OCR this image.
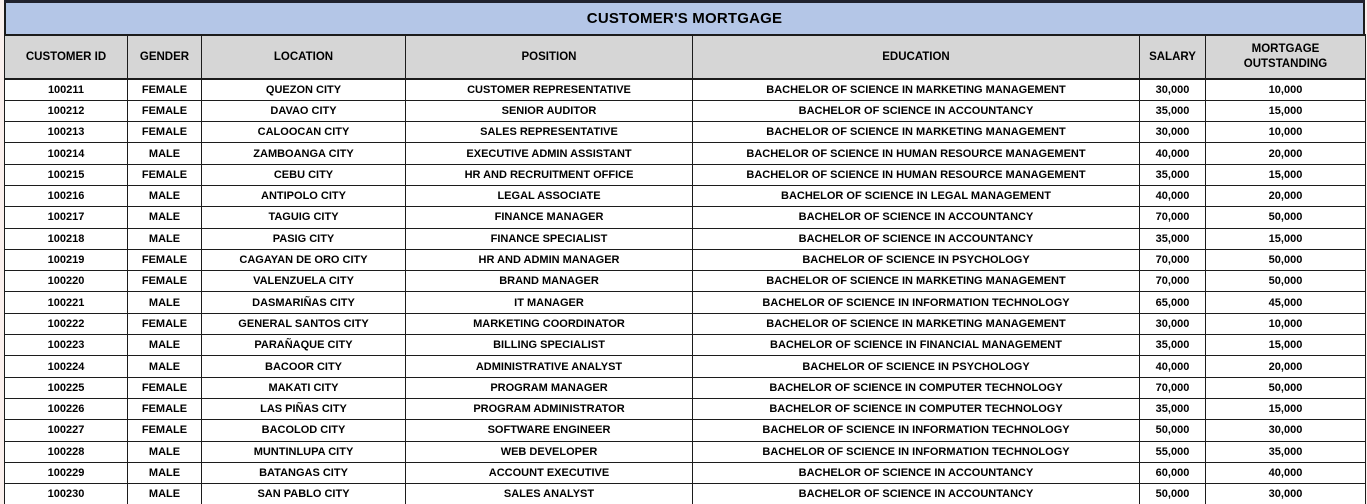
CUSTOMER'S MORTGAGE
CUSTOMER ID	GENDER	LOCATION	POSITION	EDUCATION	SALARY	MORTGAGE OUTSTANDING
100211	FEMALE	QUEZON CITY	CUSTOMER REPRESENTATIVE	BACHELOR OF SCIENCE IN MARKETING MANAGEMENT	30,000	10,000
100212	FEMALE	DAVAO CITY	SENIOR AUDITOR	BACHELOR OF SCIENCE IN ACCOUNTANCY	35,000	15,000
100213	FEMALE	CALOOCAN CITY	SALES REPRESENTATIVE	BACHELOR OF SCIENCE IN MARKETING MANAGEMENT	30,000	10,000
100214	MALE	ZAMBOANGA CITY	EXECUTIVE ADMIN ASSISTANT	BACHELOR OF SCIENCE IN HUMAN RESOURCE MANAGEMENT	40,000	20,000
100215	FEMALE	CEBU CITY	HR AND RECRUITMENT OFFICE	BACHELOR OF SCIENCE IN HUMAN RESOURCE MANAGEMENT	35,000	15,000
100216	MALE	ANTIPOLO CITY	LEGAL ASSOCIATE	BACHELOR OF SCIENCE IN LEGAL MANAGEMENT	40,000	20,000
100217	MALE	TAGUIG CITY	FINANCE MANAGER	BACHELOR OF SCIENCE IN ACCOUNTANCY	70,000	50,000
100218	MALE	PASIG CITY	FINANCE SPECIALIST	BACHELOR OF SCIENCE IN ACCOUNTANCY	35,000	15,000
100219	FEMALE	CAGAYAN DE ORO CITY	HR AND ADMIN MANAGER	BACHELOR OF SCIENCE IN PSYCHOLOGY	70,000	50,000
100220	FEMALE	VALENZUELA CITY	BRAND MANAGER	BACHELOR OF SCIENCE IN MARKETING MANAGEMENT	70,000	50,000
100221	MALE	DASMARIÑAS CITY	IT MANAGER	BACHELOR OF SCIENCE IN INFORMATION TECHNOLOGY	65,000	45,000
100222	FEMALE	GENERAL SANTOS CITY	MARKETING COORDINATOR	BACHELOR OF SCIENCE IN MARKETING MANAGEMENT	30,000	10,000
100223	MALE	PARAÑAQUE CITY	BILLING SPECIALIST	BACHELOR OF SCIENCE IN FINANCIAL MANAGEMENT	35,000	15,000
100224	MALE	BACOOR CITY	ADMINISTRATIVE ANALYST	BACHELOR OF SCIENCE IN PSYCHOLOGY	40,000	20,000
100225	FEMALE	MAKATI CITY	PROGRAM MANAGER	BACHELOR OF SCIENCE IN COMPUTER TECHNOLOGY	70,000	50,000
100226	FEMALE	LAS PIÑAS CITY	PROGRAM ADMINISTRATOR	BACHELOR OF SCIENCE IN COMPUTER TECHNOLOGY	35,000	15,000
100227	FEMALE	BACOLOD CITY	SOFTWARE ENGINEER	BACHELOR OF SCIENCE IN INFORMATION TECHNOLOGY	50,000	30,000
100228	MALE	MUNTINLUPA CITY	WEB DEVELOPER	BACHELOR OF SCIENCE IN INFORMATION TECHNOLOGY	55,000	35,000
100229	MALE	BATANGAS CITY	ACCOUNT EXECUTIVE	BACHELOR OF SCIENCE IN ACCOUNTANCY	60,000	40,000
100230	MALE	SAN PABLO CITY	SALES ANALYST	BACHELOR OF SCIENCE IN ACCOUNTANCY	50,000	30,000
